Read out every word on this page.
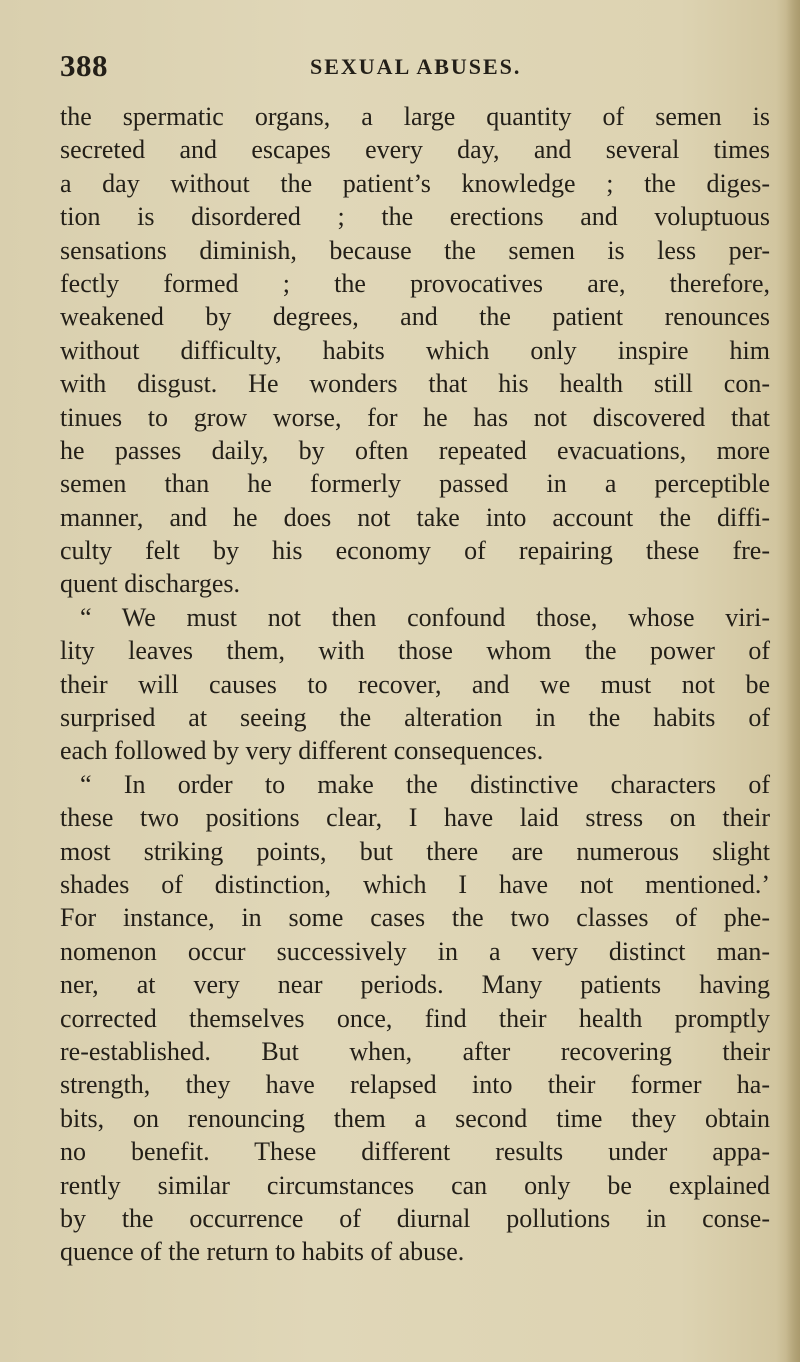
388	SEXUAL ABUSES.
the spermatic organs, a large quantity of semen is
secreted and escapes every day, and several times
a day without the patient’s knowledge ; the diges-
tion is disordered ; the erections and voluptuous
sensations diminish, because the semen is less per-
fectly formed ; the provocatives are, therefore,
weakened by degrees, and the patient renounces
without difficulty, habits which only inspire him
with disgust. He wonders that his health still con-
tinues to grow worse, for he has not discovered that
he passes daily, by often repeated evacuations, more
semen than he formerly passed in a perceptible
manner, and he does not take into account the diffi-
culty felt by his economy of repairing these fre-
quent discharges.
“ We must not then confound those, whose viri-
lity leaves them, with those whom the power of
their will causes to recover, and we must not be
surprised at seeing the alteration in the habits of
each followed by very different consequences.
“ In order to make the distinctive characters of
these two positions clear, I have laid stress on their
most striking points, but there are numerous slight
shades of distinction, which I have not mentioned.’
For instance, in some cases the two classes of phe-
nomenon occur successively in a very distinct man-
ner, at very near periods. Many patients having
corrected themselves once, find their health promptly
re-established. But when, after recovering their
strength, they have relapsed into their former ha-
bits, on renouncing them a second time they obtain
no benefit. These different results under appa-
rently similar circumstances can only be explained
by the occurrence of diurnal pollutions in conse-
quence of the return to habits of abuse.
